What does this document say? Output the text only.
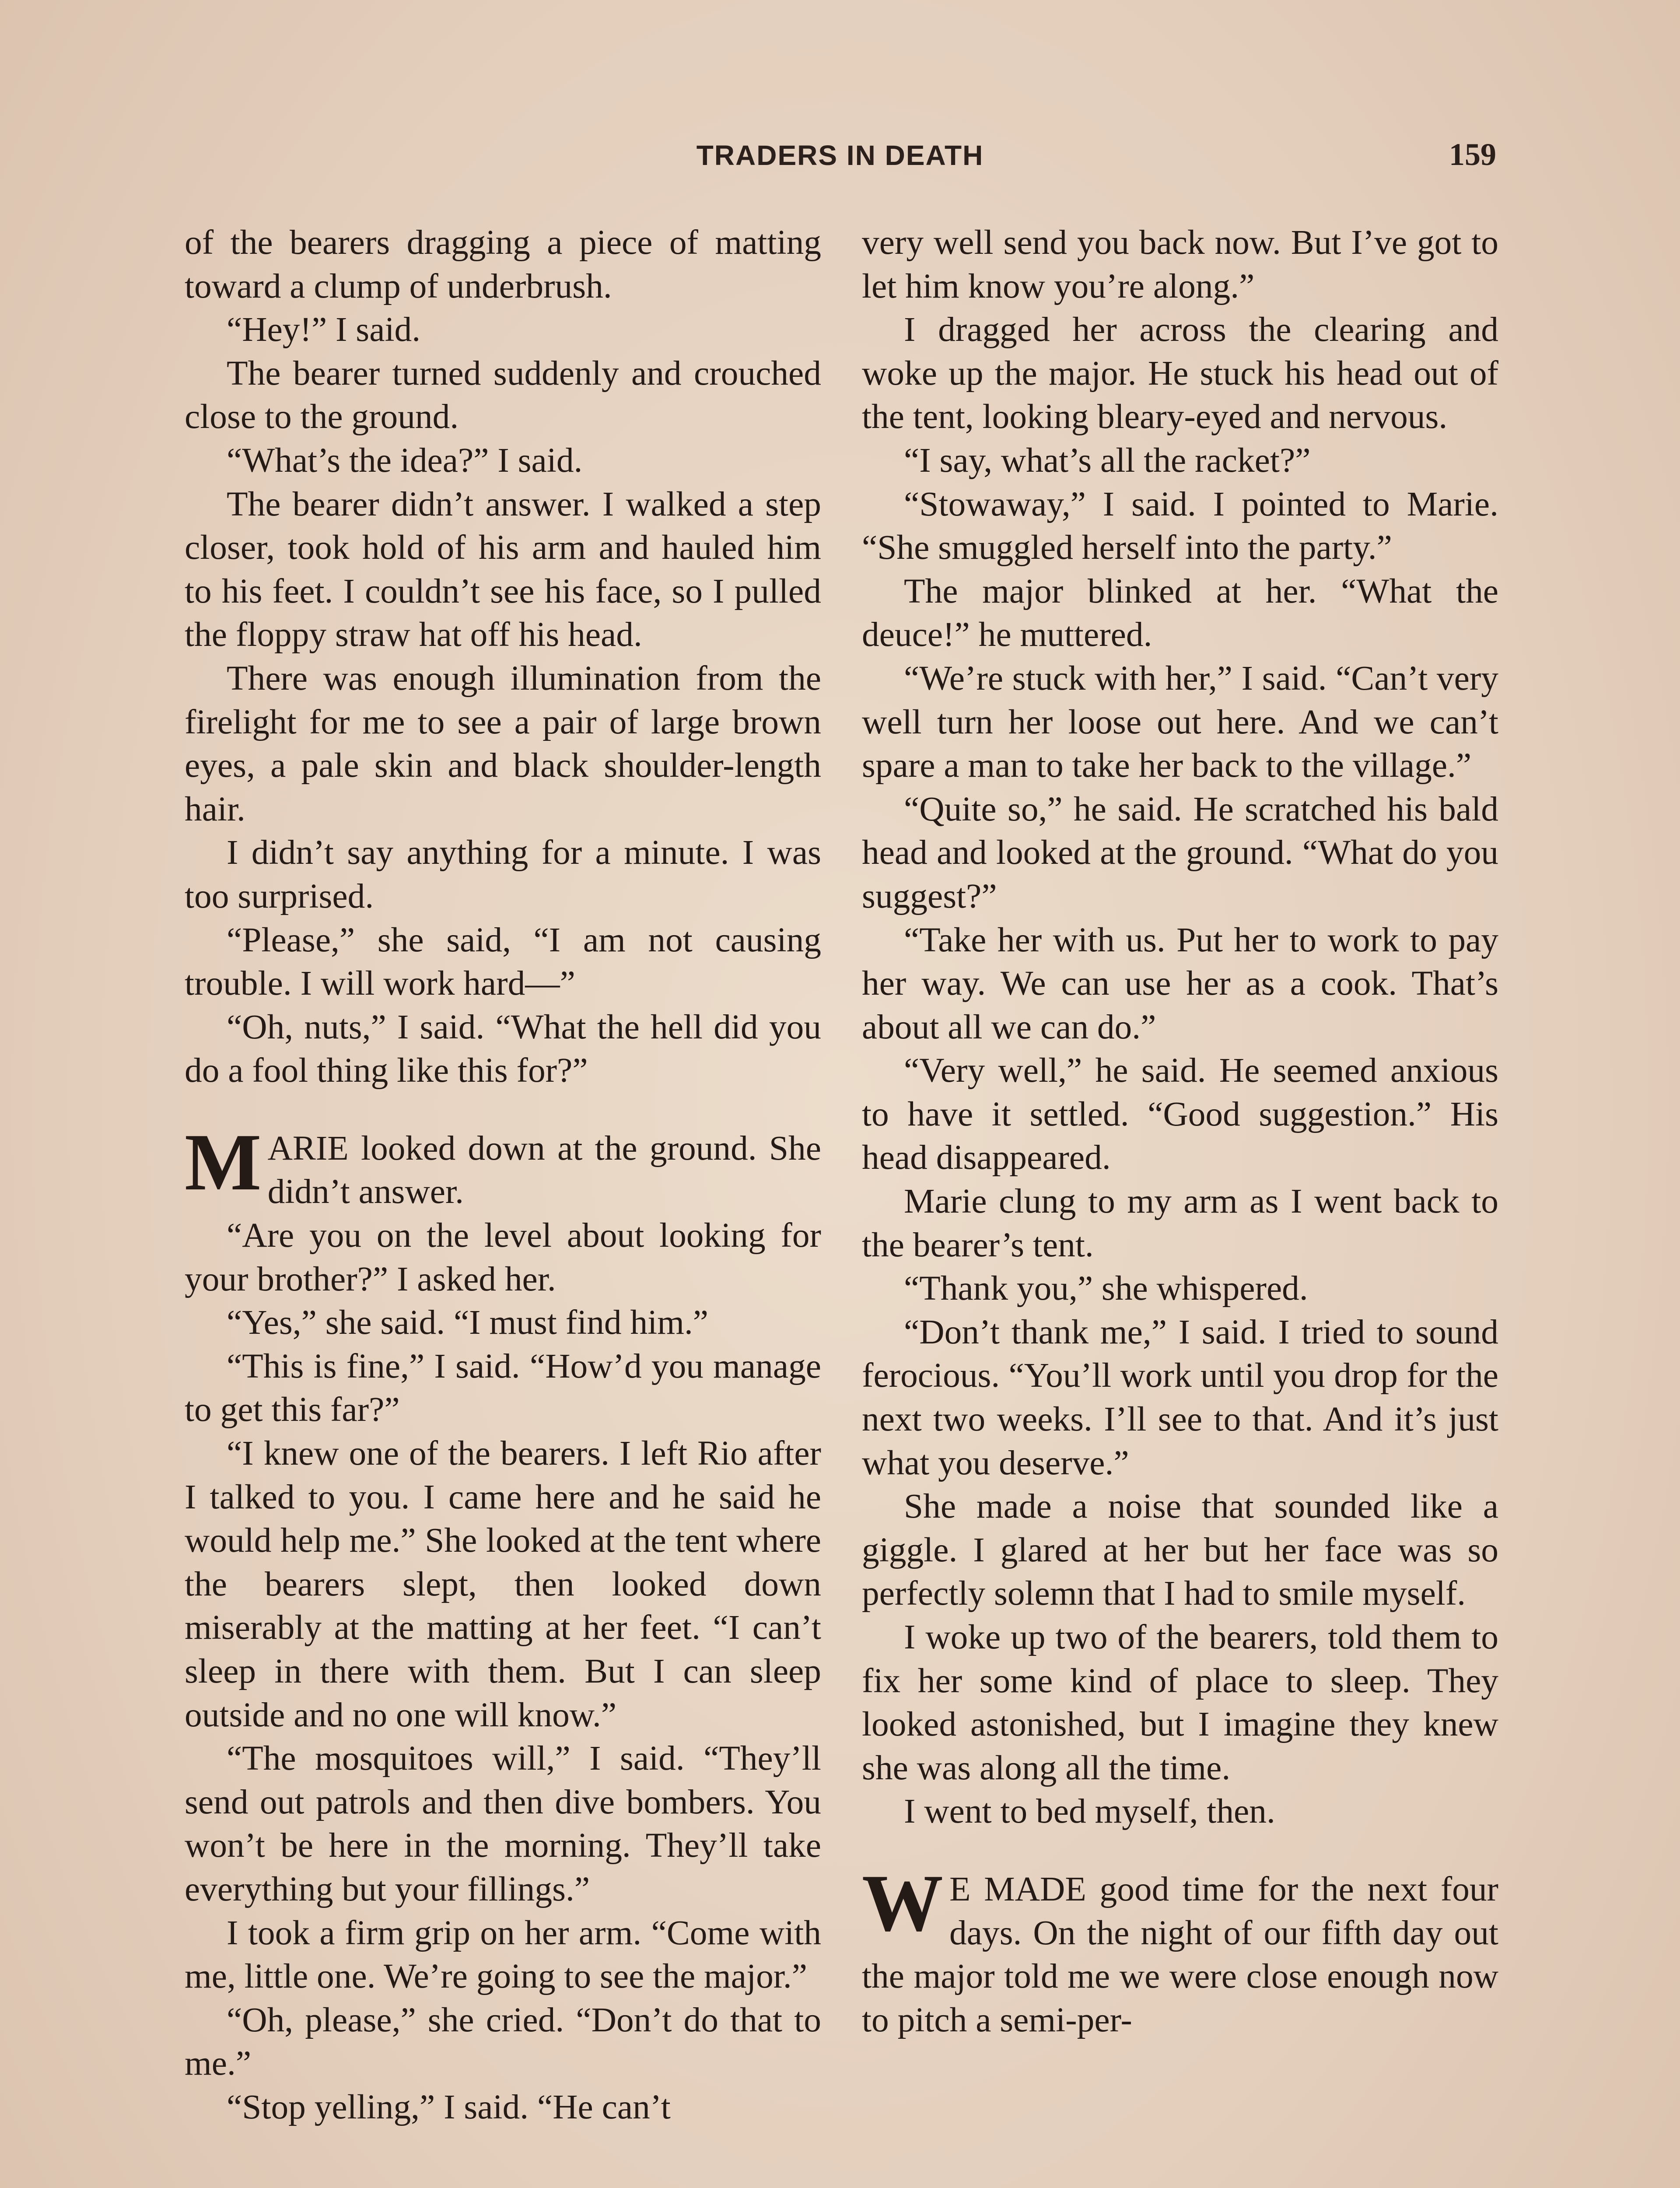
TRADERS IN DEATH	159

of the bearers dragging a piece of matting toward a clump of underbrush.

“Hey!” I said.

The bearer turned suddenly and crouched close to the ground.

“What’s the idea?” I said.

The bearer didn’t answer. I walked a step closer, took hold of his arm and hauled him to his feet. I couldn’t see his face, so I pulled the floppy straw hat off his head.

There was enough illumination from the firelight for me to see a pair of large brown eyes, a pale skin and black shoulder-length hair.

I didn’t say anything for a minute. I was too surprised.

“Please,” she said, “I am not causing trouble. I will work hard—”

“Oh, nuts,” I said. “What the hell did you do a fool thing like this for?”

MARIE looked down at the ground. She didn’t answer.

“Are you on the level about looking for your brother?” I asked her.

“Yes,” she said. “I must find him.”

“This is fine,” I said. “How’d you manage to get this far?”

“I knew one of the bearers. I left Rio after I talked to you. I came here and he said he would help me.” She looked at the tent where the bearers slept, then looked down miserably at the matting at her feet. “I can’t sleep in there with them. But I can sleep outside and no one will know.”

“The mosquitoes will,” I said. “They’ll send out patrols and then dive bombers. You won’t be here in the morning. They’ll take everything but your fillings.”

I took a firm grip on her arm. “Come with me, little one. We’re going to see the major.”

“Oh, please,” she cried. “Don’t do that to me.”

“Stop yelling,” I said. “He can’t

very well send you back now. But I’ve got to let him know you’re along.”

I dragged her across the clearing and woke up the major. He stuck his head out of the tent, looking bleary-eyed and nervous.

“I say, what’s all the racket?”

“Stowaway,” I said. I pointed to Marie. “She smuggled herself into the party.”

The major blinked at her. “What the deuce!” he muttered.

“We’re stuck with her,” I said. “Can’t very well turn her loose out here. And we can’t spare a man to take her back to the village.”

“Quite so,” he said. He scratched his bald head and looked at the ground. “What do you suggest?”

“Take her with us. Put her to work to pay her way. We can use her as a cook. That’s about all we can do.”

“Very well,” he said. He seemed anxious to have it settled. “Good suggestion.” His head disappeared.

Marie clung to my arm as I went back to the bearer’s tent.

“Thank you,” she whispered.

“Don’t thank me,” I said. I tried to sound ferocious. “You’ll work until you drop for the next two weeks. I’ll see to that. And it’s just what you deserve.”

She made a noise that sounded like a giggle. I glared at her but her face was so perfectly solemn that I had to smile myself.

I woke up two of the bearers, told them to fix her some kind of place to sleep. They looked astonished, but I imagine they knew she was along all the time.

I went to bed myself, then.

W E MADE good time for the next four days. On the night of our fifth day out the major told me we were close enough now to pitch a semi-per-
